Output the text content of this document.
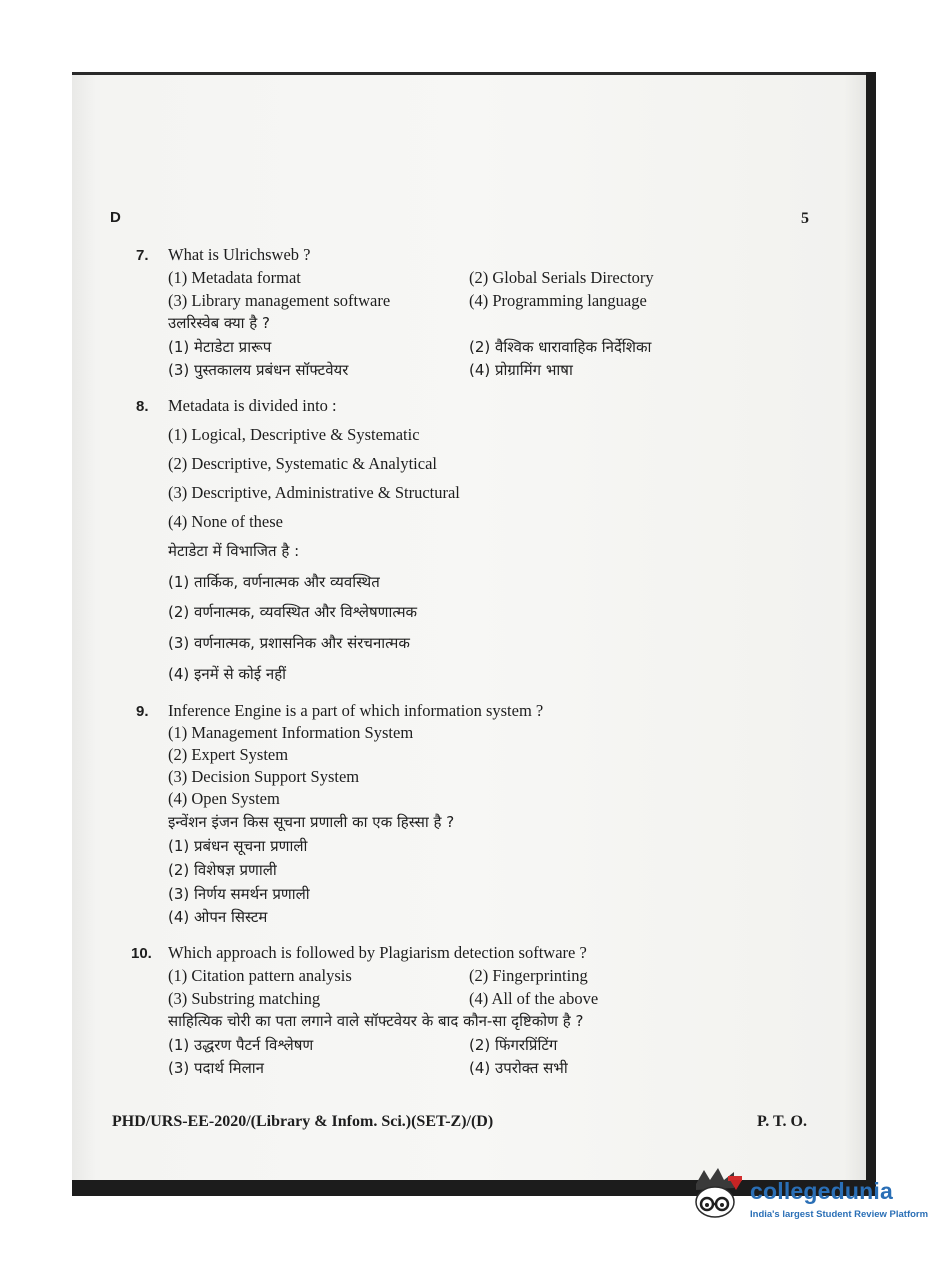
D	5
7. What is Ulrichsweb ?
(1) Metadata format	(2) Global Serials Directory
(3) Library management software	(4) Programming language
उलरिस्वेब क्या है ?
(1) मेटाडेटा प्रारूप	(2) वैश्विक धारावाहिक निर्देशिका
(3) पुस्तकालय प्रबंधन सॉफ्टवेयर	(4) प्रोग्रामिंग भाषा
8. Metadata is divided into :
(1) Logical, Descriptive & Systematic
(2) Descriptive, Systematic & Analytical
(3) Descriptive, Administrative & Structural
(4) None of these
मेटाडेटा में विभाजित है :
(1) तार्किक, वर्णनात्मक और व्यवस्थित
(2) वर्णनात्मक, व्यवस्थित और विश्लेषणात्मक
(3) वर्णनात्मक, प्रशासनिक और संरचनात्मक
(4) इनमें से कोई नहीं
9. Inference Engine is a part of which information system ?
(1) Management Information System
(2) Expert System
(3) Decision Support System
(4) Open System
इन्वेंशन इंजन किस सूचना प्रणाली का एक हिस्सा है ?
(1) प्रबंधन सूचना प्रणाली
(2) विशेषज्ञ प्रणाली
(3) निर्णय समर्थन प्रणाली
(4) ओपन सिस्टम
10. Which approach is followed by Plagiarism detection software ?
(1) Citation pattern analysis	(2) Fingerprinting
(3) Substring matching	(4) All of the above
साहित्यिक चोरी का पता लगाने वाले सॉफ्टवेयर के बाद कौन-सा दृष्टिकोण है ?
(1) उद्धरण पैटर्न विश्लेषण	(2) फिंगरप्रिंटिंग
(3) पदार्थ मिलान	(4) उपरोक्त सभी
PHD/URS-EE-2020/(Library & Infom. Sci.)(SET-Z)/(D)	P. T. O.
collegedunia
India's largest Student Review Platform
